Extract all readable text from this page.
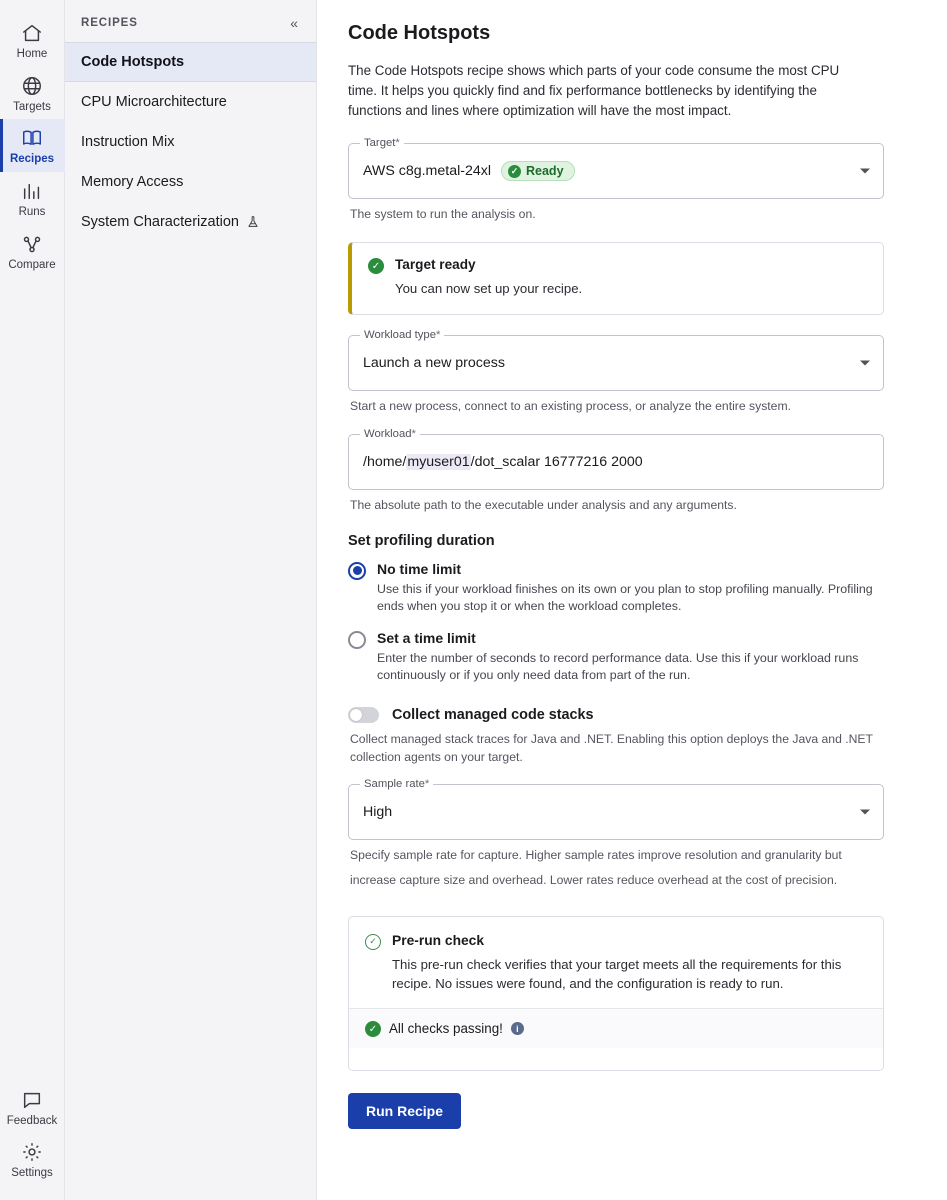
Home
Targets
Recipes
Runs
Compare
Feedback
Settings
RECIPES	«
Code Hotspots
CPU Microarchitecture
Instruction Mix
Memory Access
System Characterization
Code Hotspots

The Code Hotspots recipe shows which parts of your code consume the most CPU time. It helps you quickly find and fix performance bottlenecks by identifying the functions and lines where optimization will have the most impact.

Target*
AWS c8g.metal-24xl	✓ Ready
The system to run the analysis on.
✓ Target ready
You can now set up your recipe.
Workload type*
Launch a new process
Start a new process, connect to an existing process, or analyze the entire system.
Workload*
/home/myuser01/dot_scalar 16777216 2000
The absolute path to the executable under analysis and any arguments.
Set profiling duration
No time limit
Use this if your workload finishes on its own or you plan to stop profiling manually. Profiling ends when you stop it or when the workload completes.
Set a time limit
Enter the number of seconds to record performance data. Use this if your workload runs continuously or if you only need data from part of the run.
Collect managed code stacks
Collect managed stack traces for Java and .NET. Enabling this option deploys the Java and .NET collection agents on your target.
Sample rate*
High
Specify sample rate for capture. Higher sample rates improve resolution and granularity but
increase capture size and overhead. Lower rates reduce overhead at the cost of precision.
✓	Pre-run check
This pre-run check verifies that your target meets all the requirements for this recipe. No issues were found, and the configuration is ready to run.
✓ All checks passing!	i
Run Recipe
